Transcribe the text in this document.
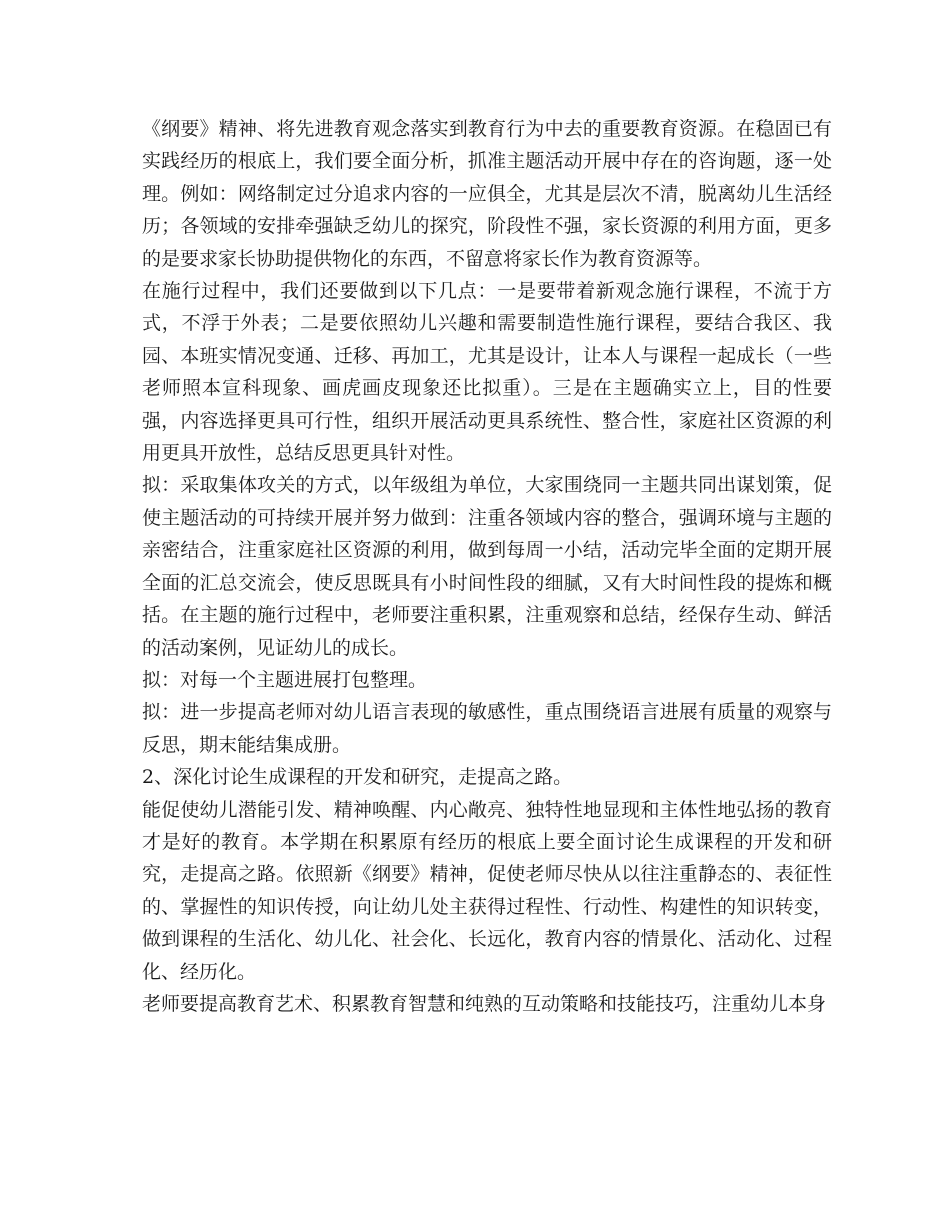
《纲要》精神、将先进教育观念落实到教育行为中去的重要教育资源。在稳固已有实践经历的根底上，我们要全面分析，抓准主题活动开展中存在的咨询题，逐一处理。例如：网络制定过分追求内容的一应俱全，尤其是层次不清，脱离幼儿生活经历；各领域的安排牵强缺乏幼儿的探究，阶段性不强，家长资源的利用方面，更多的是要求家长协助提供物化的东西，不留意将家长作为教育资源等。

在施行过程中，我们还要做到以下几点：一是要带着新观念施行课程，不流于方式，不浮于外表；二是要依照幼儿兴趣和需要制造性施行课程，要结合我区、我园、本班实情况变通、迁移、再加工，尤其是设计，让本人与课程一起成长（一些老师照本宣科现象、画虎画皮现象还比拟重）。三是在主题确实立上，目的性要强，内容选择更具可行性，组织开展活动更具系统性、整合性，家庭社区资源的利用更具开放性，总结反思更具针对性。

拟：采取集体攻关的方式，以年级组为单位，大家围绕同一主题共同出谋划策，促使主题活动的可持续开展并努力做到：注重各领域内容的整合，强调环境与主题的亲密结合，注重家庭社区资源的利用，做到每周一小结，活动完毕全面的定期开展全面的汇总交流会，使反思既具有小时间性段的细腻，又有大时间性段的提炼和概括。在主题的施行过程中，老师要注重积累，注重观察和总结，经保存生动、鲜活的活动案例，见证幼儿的成长。

拟：对每一个主题进展打包整理。

拟：进一步提高老师对幼儿语言表现的敏感性，重点围绕语言进展有质量的观察与反思，期末能结集成册。

2、深化讨论生成课程的开发和研究，走提高之路。

能促使幼儿潜能引发、精神唤醒、内心敞亮、独特性地显现和主体性地弘扬的教育才是好的教育。本学期在积累原有经历的根底上要全面讨论生成课程的开发和研究，走提高之路。依照新《纲要》精神，促使老师尽快从以往注重静态的、表征性的、掌握性的知识传授，向让幼儿处主获得过程性、行动性、构建性的知识转变，做到课程的生活化、幼儿化、社会化、长远化，教育内容的情景化、活动化、过程化、经历化。

老师要提高教育艺术、积累教育智慧和纯熟的互动策略和技能技巧，注重幼儿本身
